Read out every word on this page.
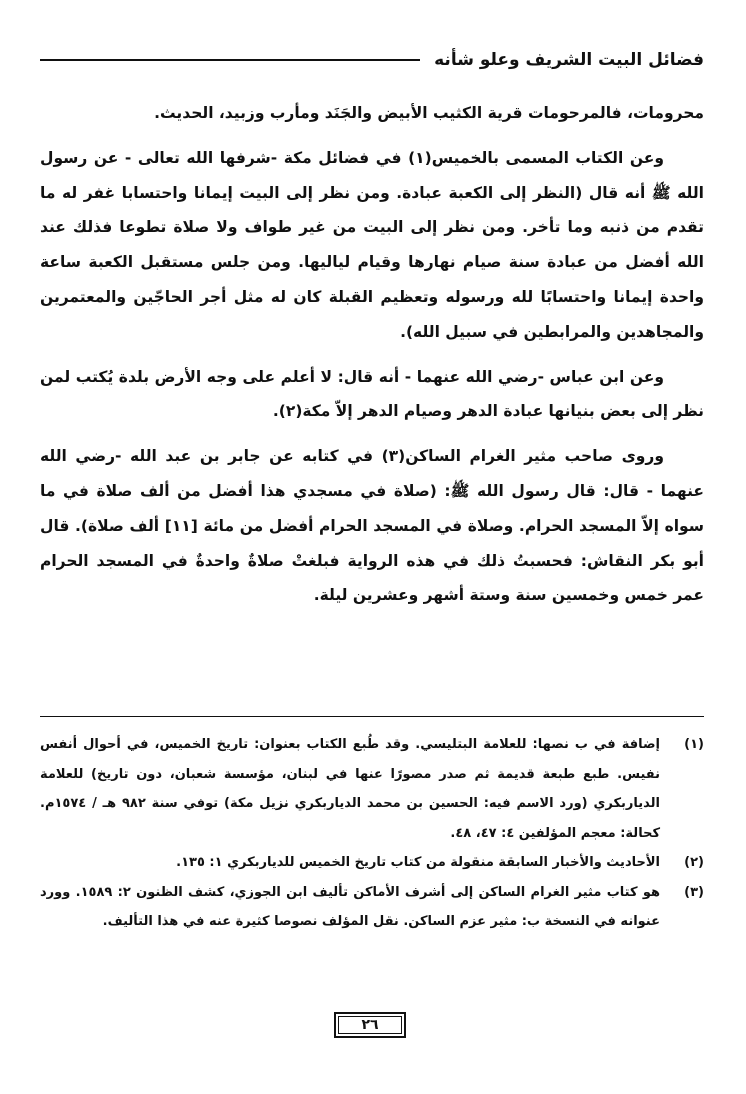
فضائل البيت الشريف وعلو شأنه

محرومات، فالمرحومات قرية الكثيب الأبيض والجَنَد ومأرب وزبيد، الحديث.

وعن الكتاب المسمى بالخميس(١) في فضائل مكة -شرفها الله تعالى - عن رسول الله ﷺ أنه قال (النظر إلى الكعبة عبادة. ومن نظر إلى البيت إيمانا واحتسابا غفر له ما تقدم من ذنبه وما تأخر. ومن نظر إلى البيت من غير طواف ولا صلاة تطوعا فذلك عند الله أفضل من عبادة سنة صيام نهارها وقيام لياليها. ومن جلس مستقبل الكعبة ساعة واحدة إيمانا واحتسابًا لله ورسوله وتعظيم القبلة كان له مثل أجر الحاجّين والمعتمرين والمجاهدين والمرابطين في سبيل الله).

وعن ابن عباس -رضي الله عنهما - أنه قال: لا أعلم على وجه الأرض بلدة يُكتب لمن نظر إلى بعض بنيانها عبادة الدهر وصيام الدهر إلاّ مكة(٢).

وروى صاحب مثير الغرام الساكن(٣) في كتابه عن جابر بن عبد الله -رضي الله عنهما - قال: قال رسول الله ﷺ: (صلاة في مسجدي هذا أفضل من ألف صلاة في ما سواه إلاّ المسجد الحرام. وصلاة في المسجد الحرام أفضل من مائة [١١] ألف صلاة). قال أبو بكر النقاش: فحسبتُ ذلك في هذه الرواية فبلغتْ صلاةٌ واحدةٌ في المسجد الحرام عمر خمس وخمسين سنة وستة أشهر وعشرين ليلة.

(١)
إضافة في ب نصها: للعلامة البتليسي. وقد طُبع الكتاب بعنوان: تاريخ الخميس، في أحوال أنفس نفيس. طبع طبعة قديمة ثم صدر مصورًا عنها في لبنان، مؤسسة شعبان، دون تاريخ) للعلامة الدياربكري (ورد الاسم فيه: الحسين بن محمد الدياربكري نزيل مكة) توفي سنة ٩٨٢ هـ / ١٥٧٤م. كحالة: معجم المؤلفين ٤: ٤٧، ٤٨.
(٢)
الأحاديث والأخبار السابقة منقولة من كتاب تاريخ الخميس للدياربكري ١: ١٣٥.
(٣)
هو كتاب مثير الغرام الساكن إلى أشرف الأماكن تأليف ابن الجوزي، كشف الظنون ٢: ١٥٨٩. وورد عنوانه في النسخة ب: مثير عزم الساكن. نقل المؤلف نصوصا كثيرة عنه في هذا التأليف.
٢٦
